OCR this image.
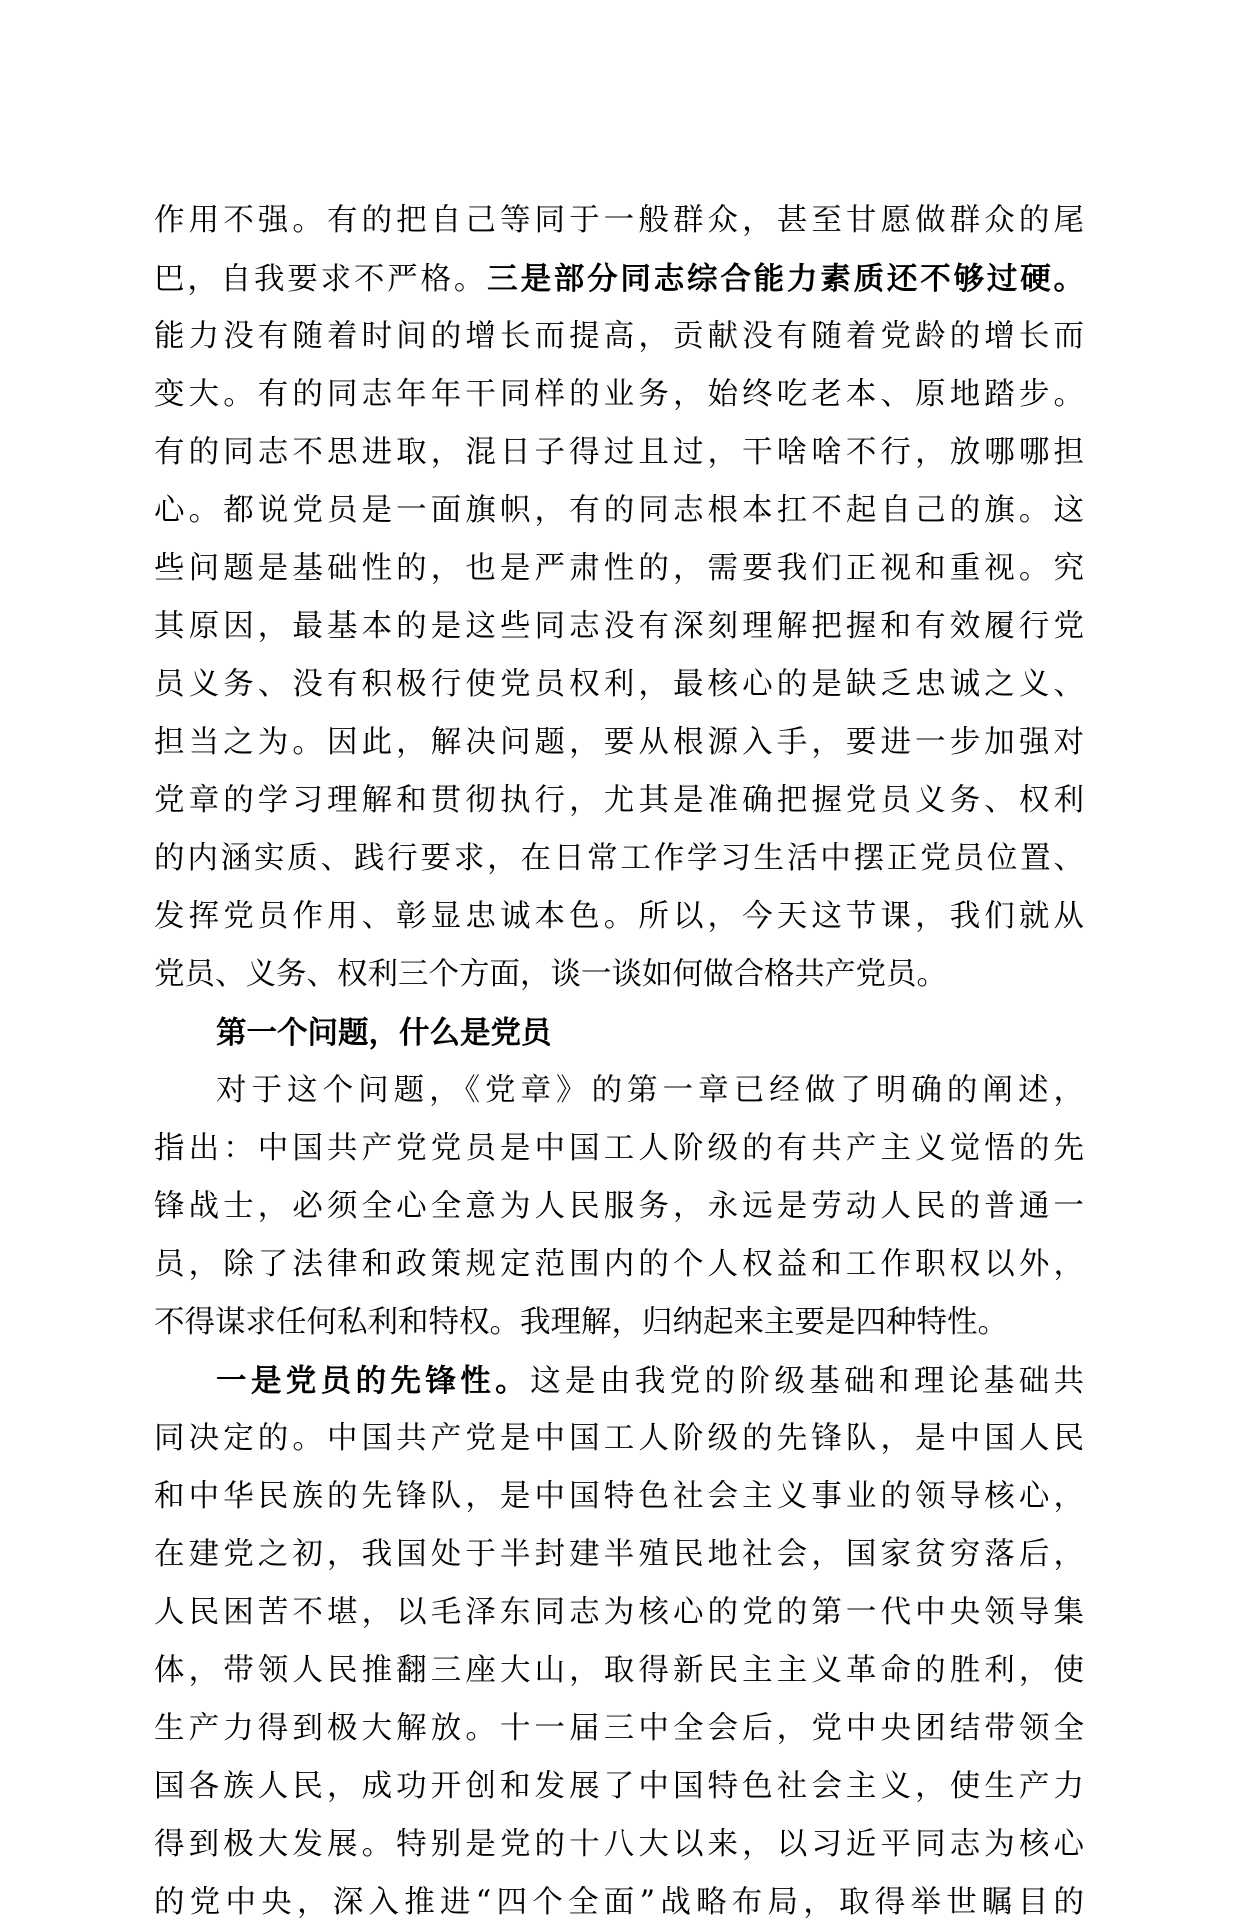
作用不强。有的把自己等同于一般群众，甚至甘愿做群众的尾
巴，自我要求不严格。三是部分同志综合能力素质还不够过硬。
能力没有随着时间的增长而提高，贡献没有随着党龄的增长而
变大。有的同志年年干同样的业务，始终吃老本、原地踏步。
有的同志不思进取，混日子得过且过，干啥啥不行，放哪哪担
心。都说党员是一面旗帜，有的同志根本扛不起自己的旗。这
些问题是基础性的，也是严肃性的，需要我们正视和重视。究
其原因，最基本的是这些同志没有深刻理解把握和有效履行党
员义务、没有积极行使党员权利，最核心的是缺乏忠诚之义、
担当之为。因此，解决问题，要从根源入手，要进一步加强对
党章的学习理解和贯彻执行，尤其是准确把握党员义务、权利
的内涵实质、践行要求，在日常工作学习生活中摆正党员位置、
发挥党员作用、彰显忠诚本色。所以，今天这节课，我们就从
党员、义务、权利三个方面，谈一谈如何做合格共产党员。
第一个问题，什么是党员
对于这个问题，《党章》的第一章已经做了明确的阐述，
指出：中国共产党党员是中国工人阶级的有共产主义觉悟的先
锋战士，必须全心全意为人民服务，永远是劳动人民的普通一
员，除了法律和政策规定范围内的个人权益和工作职权以外，
不得谋求任何私利和特权。我理解，归纳起来主要是四种特性。
一是党员的先锋性。这是由我党的阶级基础和理论基础共
同决定的。中国共产党是中国工人阶级的先锋队，是中国人民
和中华民族的先锋队，是中国特色社会主义事业的领导核心，
在建党之初，我国处于半封建半殖民地社会，国家贫穷落后，
人民困苦不堪，以毛泽东同志为核心的党的第一代中央领导集
体，带领人民推翻三座大山，取得新民主主义革命的胜利，使
生产力得到极大解放。十一届三中全会后，党中央团结带领全
国各族人民，成功开创和发展了中国特色社会主义，使生产力
得到极大发展。特别是党的十八大以来，以习近平同志为核心
的党中央，深入推进“四个全面”战略布局，取得举世瞩目的
